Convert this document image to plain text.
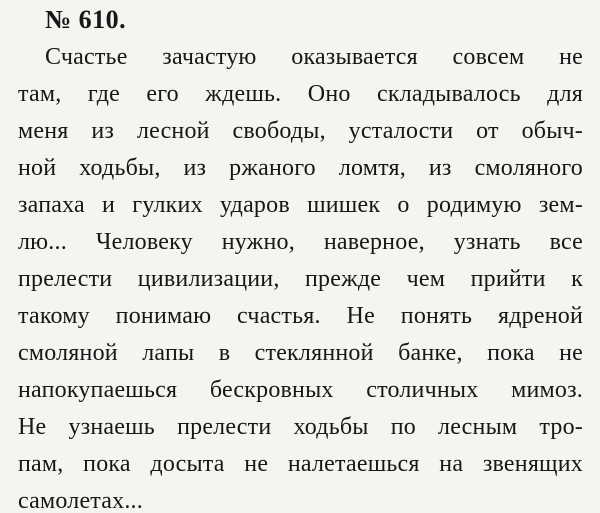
№ 610.
Счастье зачастую оказывается совсем не
там, где его ждешь. Оно складывалось для
меня из лесной свободы, усталости от обыч-
ной ходьбы, из ржаного ломтя, из смоляного
запаха и гулких ударов шишек о родимую зем-
лю... Человеку нужно, наверное, узнать все
прелести цивилизации, прежде чем прийти к
такому понимаю счастья. Не понять ядреной
смоляной лапы в стеклянной банке, пока не
напокупаешься бескровных столичных мимоз.
Не узнаешь прелести ходьбы по лесным тро-
пам, пока досыта не налетаешься на звенящих
самолетах...
